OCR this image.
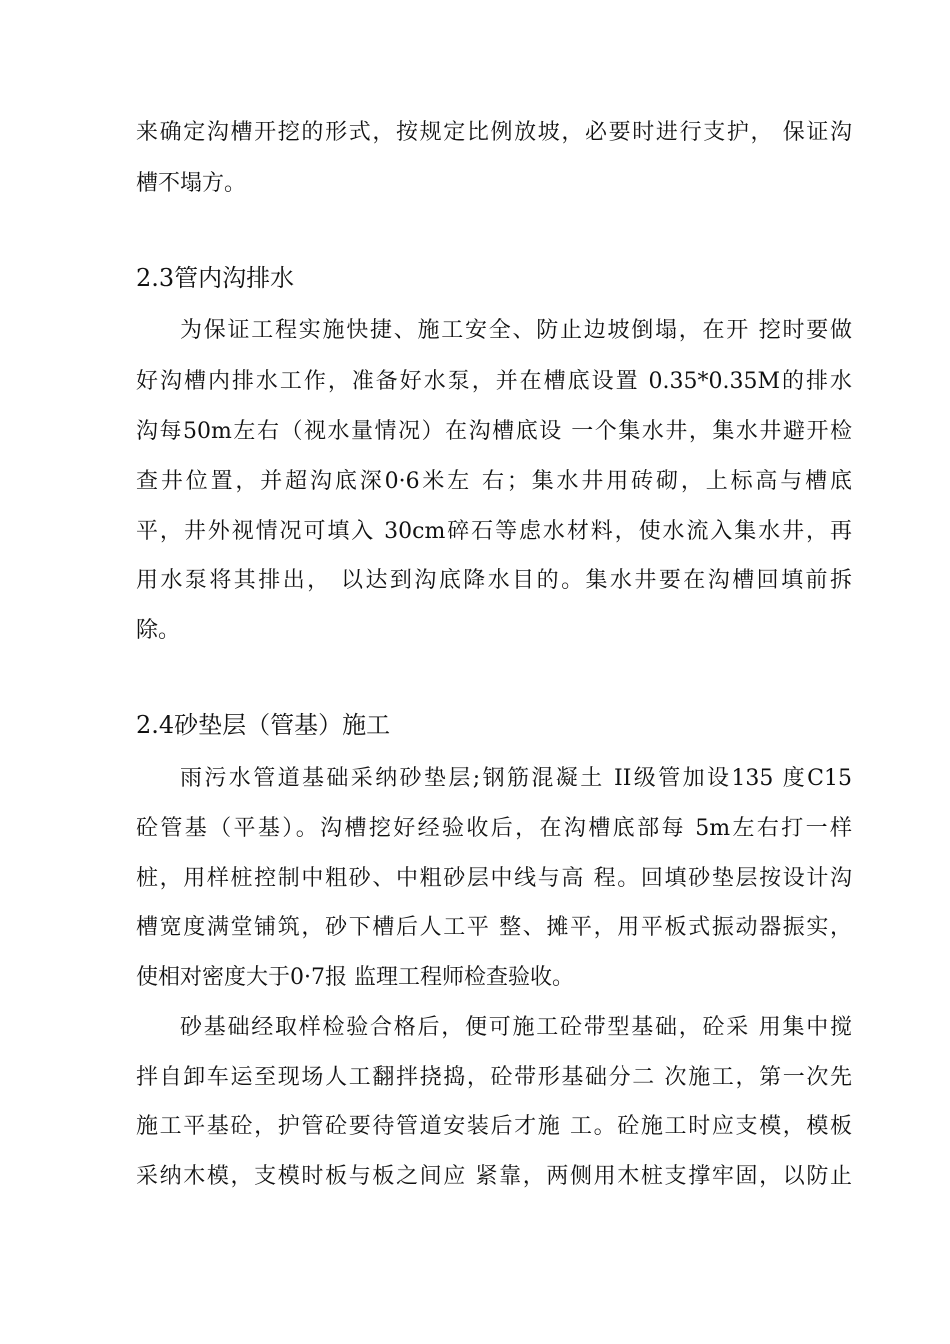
来确定沟槽开挖的形式，按规定比例放坡，必要时进行支护， 保证沟
槽不塌方。
2.3管内沟排水
为保证工程实施快捷、施工安全、防止边坡倒塌，在开 挖时要做
好沟槽内排水工作，准备好水泵，并在槽底设置 0.35*0.35M的排水
沟每50m左右（视水量情况）在沟槽底设 一个集水井，集水井避开检
查井位置，并超沟底深0·6米左 右；集水井用砖砌，上标高与槽底
平，井外视情况可填入 30cm碎石等虑水材料，使水流入集水井，再
用水泵将其排出， 以达到沟底降水目的。集水井要在沟槽回填前拆
除。
2.4砂垫层（管基）施工
雨污水管道基础采纳砂垫层;钢筋混凝土 II级管加设135 度C15
砼管基（平基）。沟槽挖好经验收后，在沟槽底部每 5m左右打一样
桩，用样桩控制中粗砂、中粗砂层中线与高 程。回填砂垫层按设计沟
槽宽度满堂铺筑，砂下槽后人工平 整、摊平，用平板式振动器振实，
使相对密度大于0·7报 监理工程师检查验收。
砂基础经取样检验合格后，便可施工砼带型基础，砼采 用集中搅
拌自卸车运至现场人工翻拌挠捣，砼带形基础分二 次施工，第一次先
施工平基砼，护管砼要待管道安装后才施 工。砼施工时应支模，模板
采纳木模，支模时板与板之间应 紧靠，两侧用木桩支撑牢固，以防止
